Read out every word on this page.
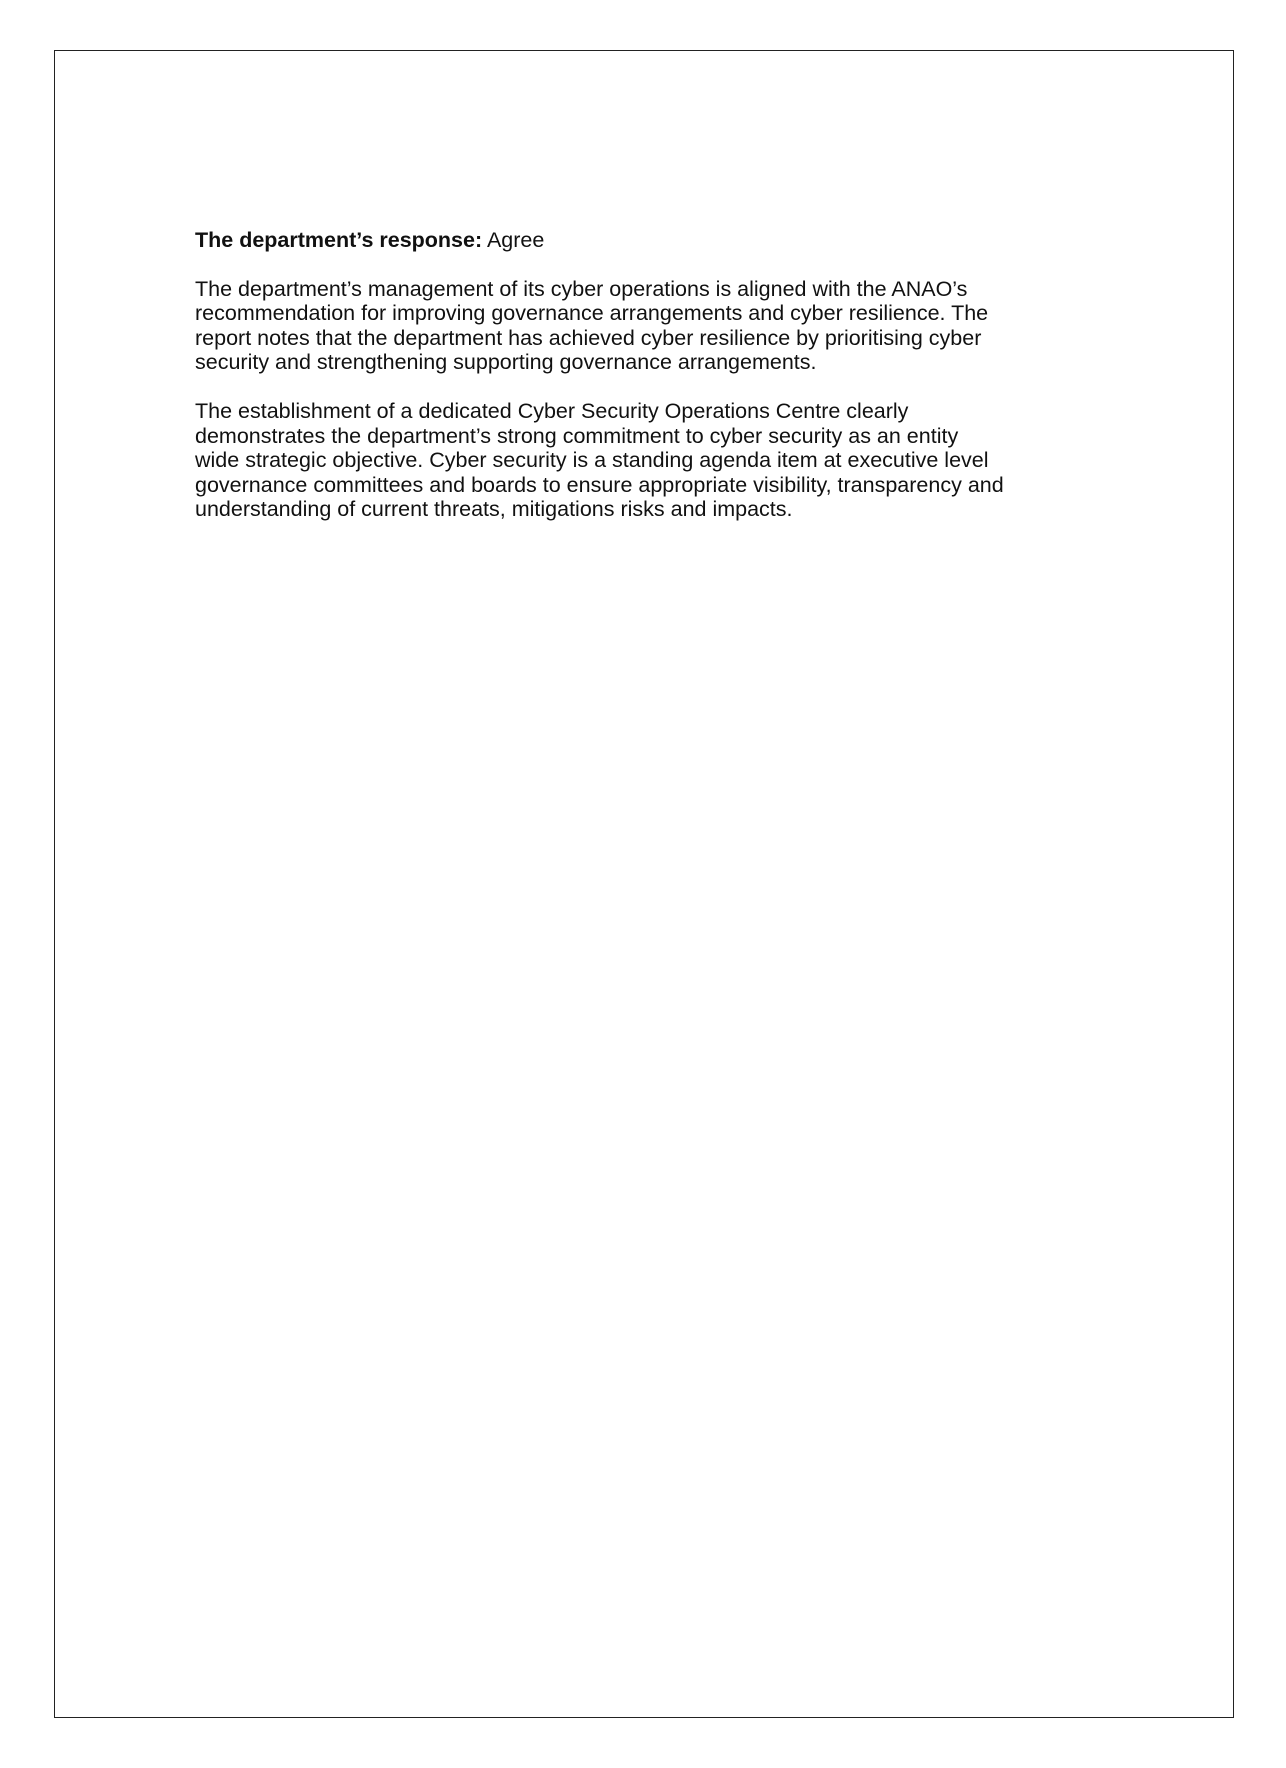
The department’s response: Agree

The department’s management of its cyber operations is aligned with the ANAO’s
recommendation for improving governance arrangements and cyber resilience. The
report notes that the department has achieved cyber resilience by prioritising cyber
security and strengthening supporting governance arrangements.

The establishment of a dedicated Cyber Security Operations Centre clearly
demonstrates the department’s strong commitment to cyber security as an entity
wide strategic objective. Cyber security is a standing agenda item at executive level
governance committees and boards to ensure appropriate visibility, transparency and
understanding of current threats, mitigations risks and impacts.
